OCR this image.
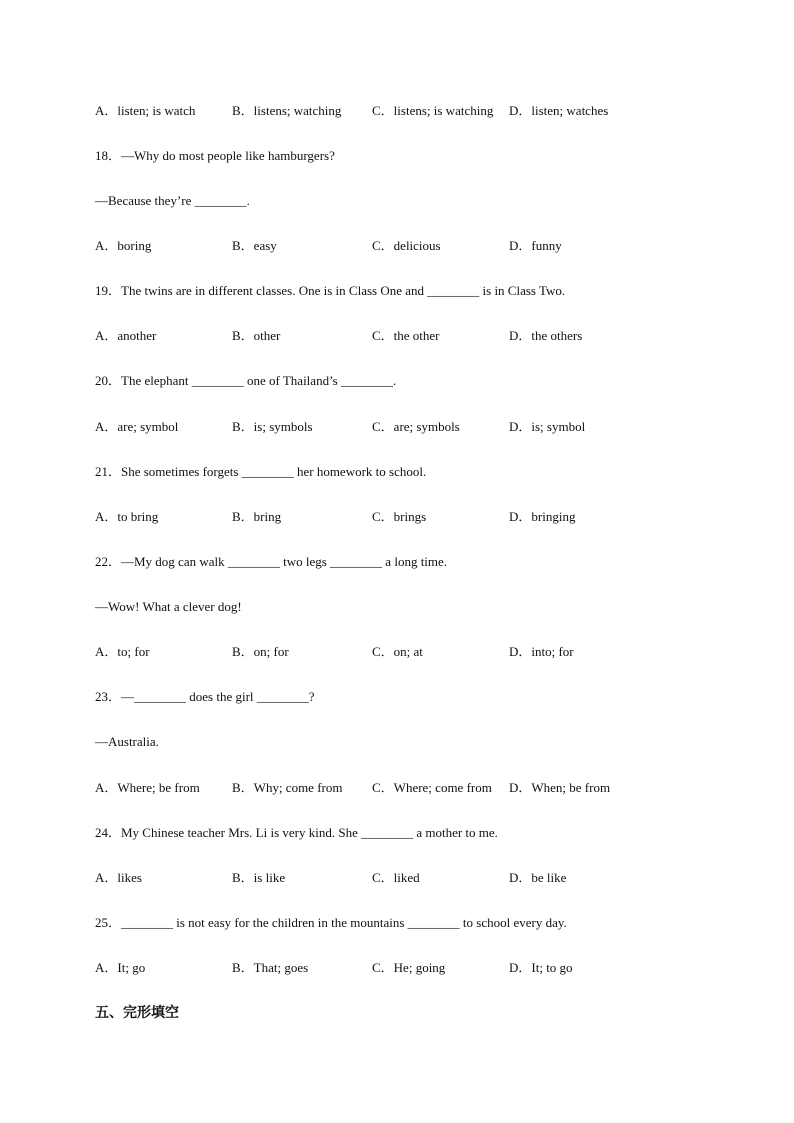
A．listen; is watch	B．listens; watching C．listens; is watching D．listen; watches
18．—Why do most people like hamburgers?
—Because they’re ________.
A．boring	B．easy	C．delicious	D．funny
19．The twins are in different classes. One is in Class One and ________ is in Class Two.
A．another	B．other	C．the other	D．the others
20．The elephant ________ one of Thailand’s ________.
A．are; symbol	B．is; symbols	C．are; symbols	D．is; symbol
21．She sometimes forgets ________ her homework to school.
A．to bring	B．bring	C．brings	D．bringing
22．—My dog can walk ________ two legs ________ a long time.
—Wow! What a clever dog!
A．to; for	B．on; for	C．on; at	D．into; for
23．—________ does the girl ________?
—Australia.
A．Where; be from B．Why; come from C．Where; come from D．When; be from
24．My Chinese teacher Mrs. Li is very kind. She ________ a mother to me.
A．likes	B．is like	C．liked	D．be like
25．________ is not easy for the children in the mountains ________ to school every day.
A．It; go	B．That; goes	C．He; going	D．It; to go
五、完形填空
